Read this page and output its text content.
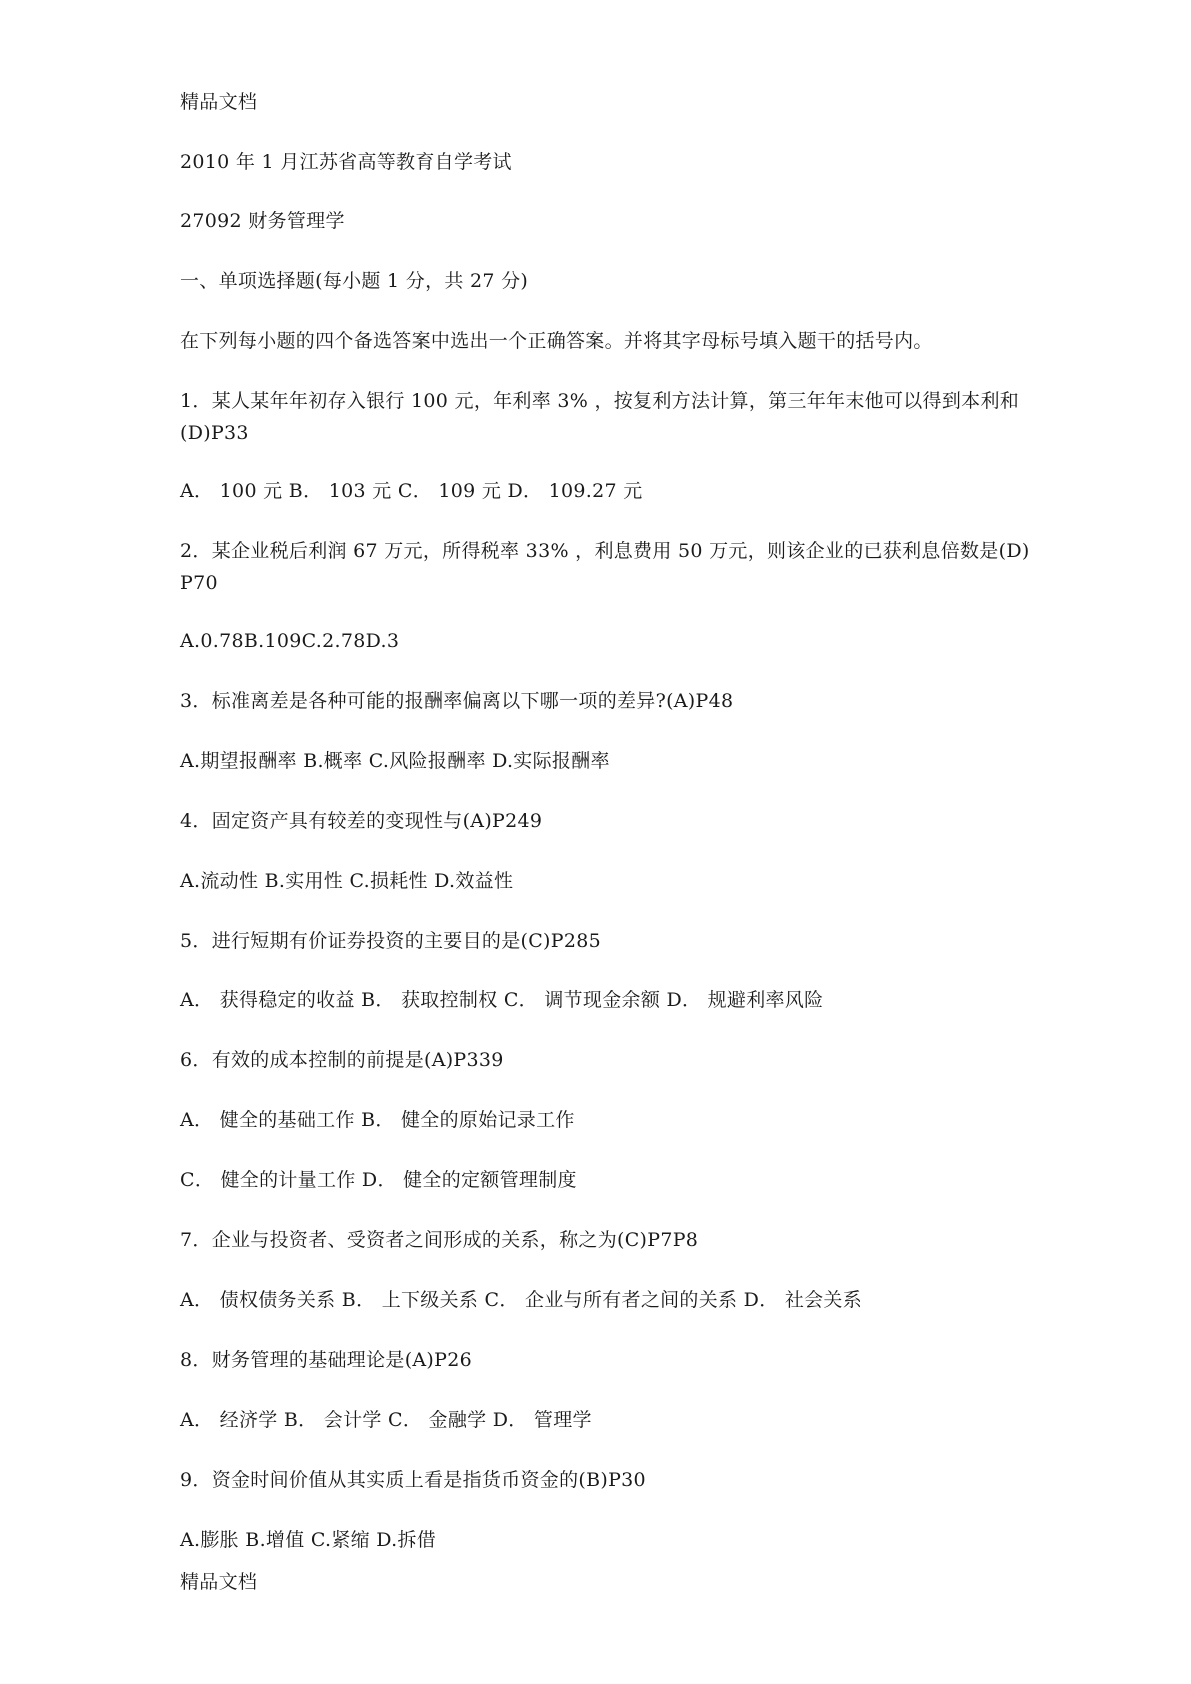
精品文档
2010 年 1 月江苏省高等教育自学考试
27092 财务管理学
一、单项选择题(每小题 1 分，共 27 分)
在下列每小题的四个备选答案中选出一个正确答案。并将其字母标号填入题干的括号内。
1．某人某年年初存入银行 100 元，年利率 3% ，按复利方法计算，第三年年末他可以得到本利和(D)P33
A． 100 元 B． 103 元 C． 109 元 D． 109.27 元
2．某企业税后利润 67 万元，所得税率 33% ，利息费用 50 万元，则该企业的已获利息倍数是(D)P70
A.0.78B.109C.2.78D.3
3．标准离差是各种可能的报酬率偏离以下哪一项的差异?(A)P48
A.期望报酬率 B.概率 C.风险报酬率 D.实际报酬率
4．固定资产具有较差的变现性与(A)P249
A.流动性 B.实用性 C.损耗性 D.效益性
5．进行短期有价证券投资的主要目的是(C)P285
A． 获得稳定的收益 B． 获取控制权 C． 调节现金余额 D． 规避利率风险
6．有效的成本控制的前提是(A)P339
A． 健全的基础工作 B． 健全的原始记录工作
C． 健全的计量工作 D． 健全的定额管理制度
7．企业与投资者、受资者之间形成的关系，称之为(C)P7P8
A． 债权债务关系 B． 上下级关系 C． 企业与所有者之间的关系 D． 社会关系
8．财务管理的基础理论是(A)P26
A． 经济学 B． 会计学 C． 金融学 D． 管理学
9．资金时间价值从其实质上看是指货币资金的(B)P30
A.膨胀 B.增值 C.紧缩 D.拆借
精品文档
